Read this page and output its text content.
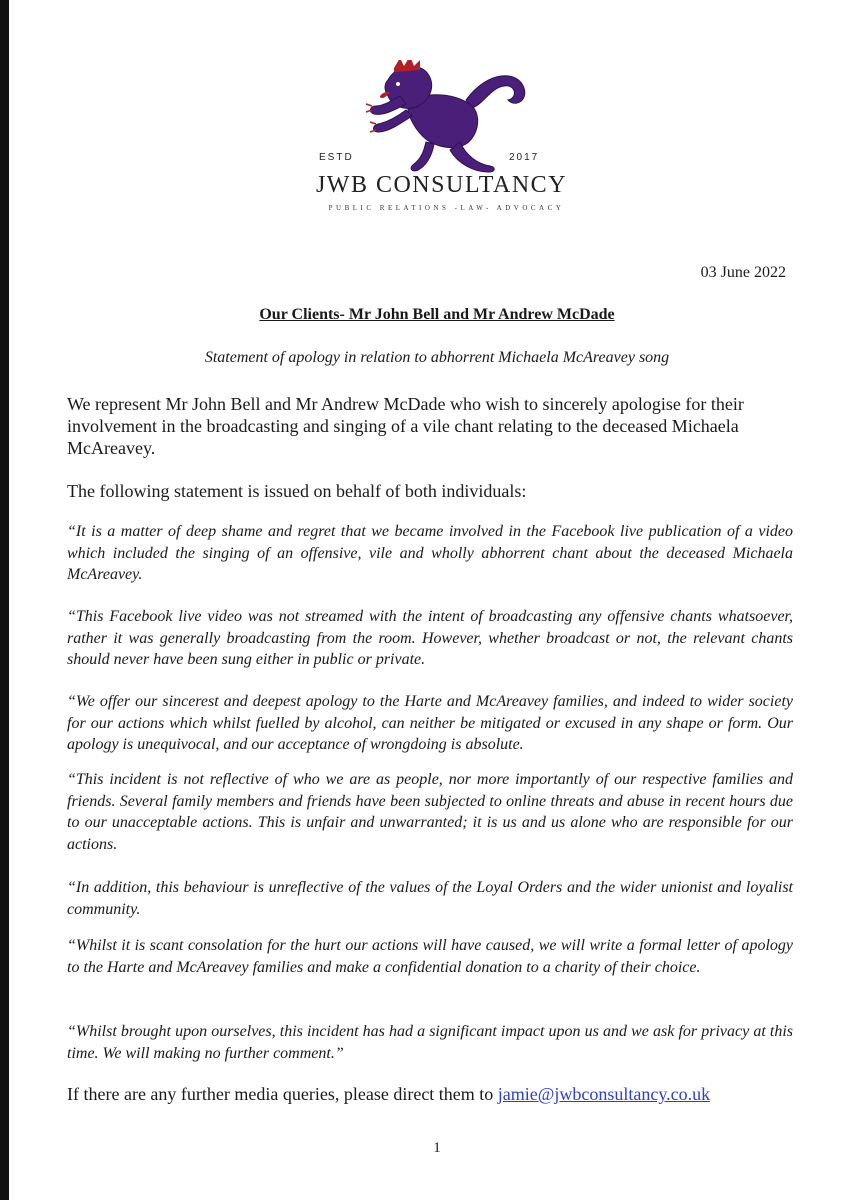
ESTD	2017
JWB CONSULTANCY
PUBLIC RELATIONS -LAW- ADVOCACY
03 June 2022
Our Clients- Mr John Bell and Mr Andrew McDade
Statement of apology in relation to abhorrent Michaela McAreavey song

We represent Mr John Bell and Mr Andrew McDade who wish to sincerely apologise for their involvement in the broadcasting and singing of a vile chant relating to the deceased Michaela McAreavey.

The following statement is issued on behalf of both individuals:

“It is a matter of deep shame and regret that we became involved in the Facebook live publication of a video which included the singing of an offensive, vile and wholly abhorrent chant about the deceased Michaela McAreavey.

“This Facebook live video was not streamed with the intent of broadcasting any offensive chants whatsoever, rather it was generally broadcasting from the room. However, whether broadcast or not, the relevant chants should never have been sung either in public or private.

“We offer our sincerest and deepest apology to the Harte and McAreavey families, and indeed to wider society for our actions which whilst fuelled by alcohol, can neither be mitigated or excused in any shape or form. Our apology is unequivocal, and our acceptance of wrongdoing is absolute.

“This incident is not reflective of who we are as people, nor more importantly of our respective families and friends. Several family members and friends have been subjected to online threats and abuse in recent hours due to our unacceptable actions. This is unfair and unwarranted; it is us and us alone who are responsible for our actions.

“In addition, this behaviour is unreflective of the values of the Loyal Orders and the wider unionist and loyalist community.

“Whilst it is scant consolation for the hurt our actions will have caused, we will write a formal letter of apology to the Harte and McAreavey families and make a confidential donation to a charity of their choice.

“Whilst brought upon ourselves, this incident has had a significant impact upon us and we ask for privacy at this time. We will making no further comment.”

If there are any further media queries, please direct them to jamie@jwbconsultancy.co.uk

1
